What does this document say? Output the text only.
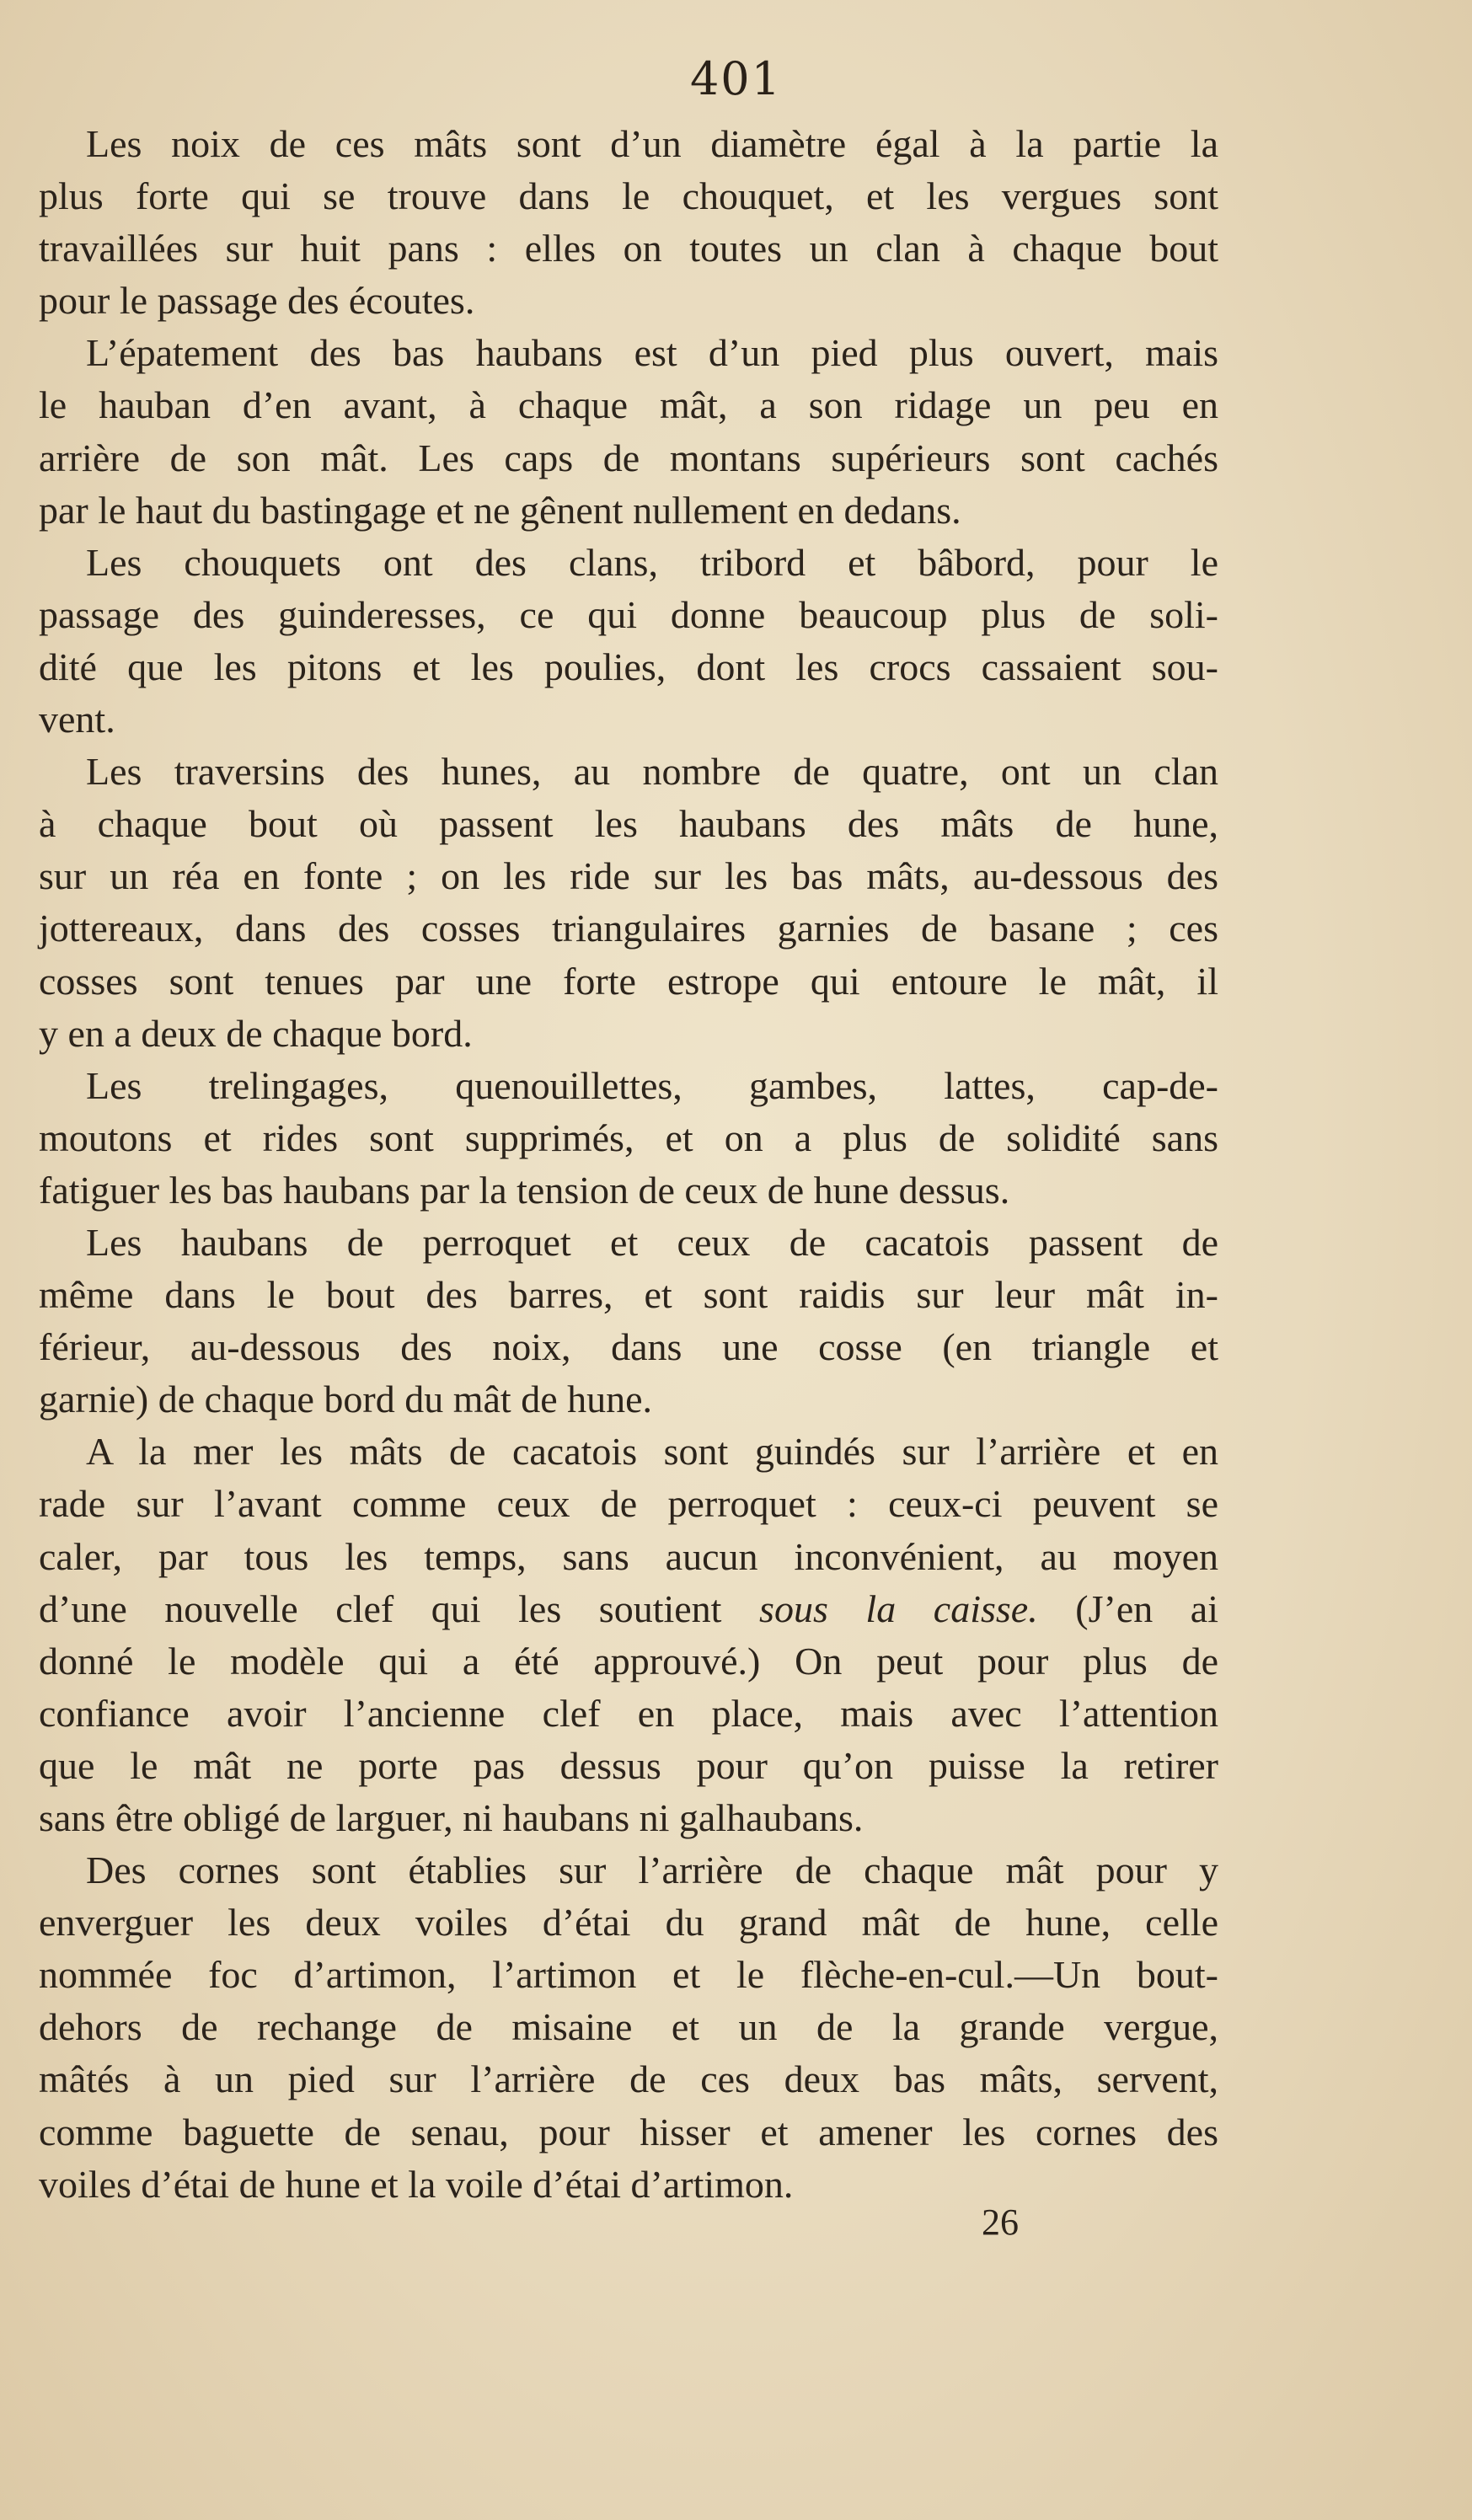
401

Les noix de ces mâts sont d’un diamètre égal à la partie la
plus forte qui se trouve dans le chouquet, et les vergues sont
travaillées sur huit pans : elles on toutes un clan à chaque bout
pour le passage des écoutes.

L’épatement des bas haubans est d’un pied plus ouvert, mais
le hauban d’en avant, à chaque mât, a son ridage un peu en
arrière de son mât. Les caps de montans supérieurs sont cachés
par le haut du bastingage et ne gênent nullement en dedans.

Les chouquets ont des clans, tribord et bâbord, pour le
passage des guinderesses, ce qui donne beaucoup plus de soli-
dité que les pitons et les poulies, dont les crocs cassaient sou-
vent.

Les traversins des hunes, au nombre de quatre, ont un clan
à chaque bout où passent les haubans des mâts de hune,
sur un réa en fonte ; on les ride sur les bas mâts, au-dessous des
jottereaux, dans des cosses triangulaires garnies de basane ; ces
cosses sont tenues par une forte estrope qui entoure le mât, il
y en a deux de chaque bord.

Les trelingages, quenouillettes, gambes, lattes, cap-de-
moutons et rides sont supprimés, et on a plus de solidité sans
fatiguer les bas haubans par la tension de ceux de hune dessus.

Les haubans de perroquet et ceux de cacatois passent de
même dans le bout des barres, et sont raidis sur leur mât in-
férieur, au-dessous des noix, dans une cosse (en triangle et
garnie) de chaque bord du mât de hune.

A la mer les mâts de cacatois sont guindés sur l’arrière et en
rade sur l’avant comme ceux de perroquet : ceux-ci peuvent se
caler, par tous les temps, sans aucun inconvénient, au moyen
d’une nouvelle clef qui les soutient sous la caisse. (J’en ai
donné le modèle qui a été approuvé.) On peut pour plus de
confiance avoir l’ancienne clef en place, mais avec l’attention
que le mât ne porte pas dessus pour qu’on puisse la retirer
sans être obligé de larguer, ni haubans ni galhaubans.

Des cornes sont établies sur l’arrière de chaque mât pour y
enverguer les deux voiles d’étai du grand mât de hune, celle
nommée foc d’artimon, l’artimon et le flèche-en-cul.—Un bout-
dehors de rechange de misaine et un de la grande vergue,
mâtés à un pied sur l’arrière de ces deux bas mâts, servent,
comme baguette de senau, pour hisser et amener les cornes des
voiles d’étai de hune et la voile d’étai d’artimon.

26
